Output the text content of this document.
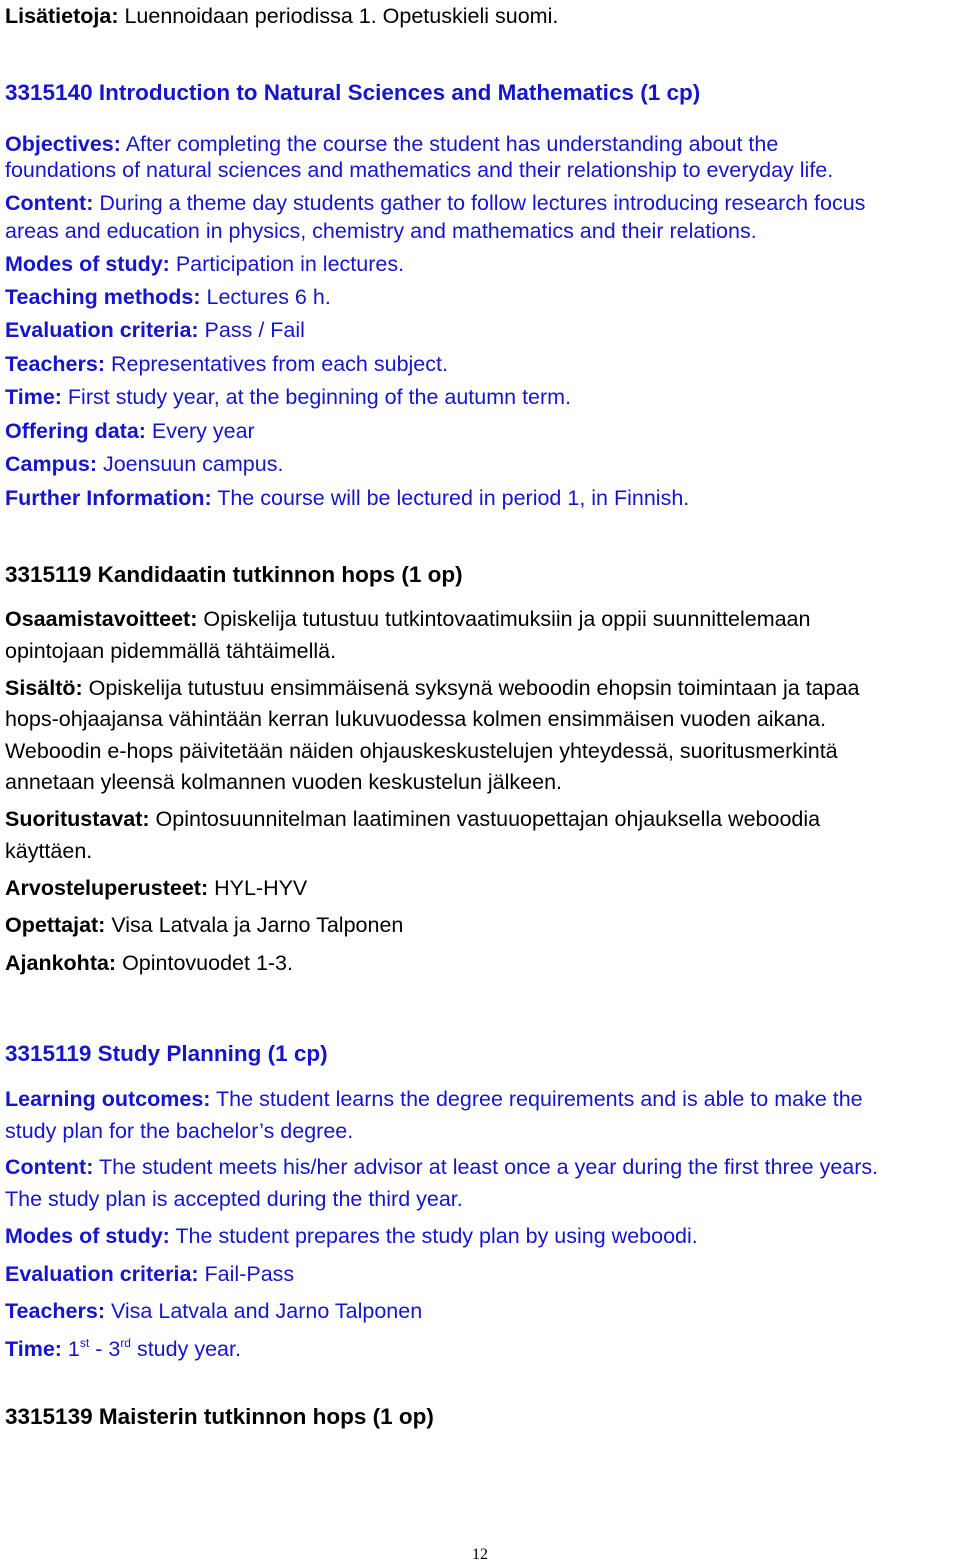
Lisätietoja: Luennoidaan periodissa 1. Opetuskieli suomi.
3315140 Introduction to Natural Sciences and Mathematics (1 cp)
Objectives: After completing the course the student has understanding about the
foundations of natural sciences and mathematics and their relationship to everyday life.
Content: During a theme day students gather to follow lectures introducing research focus
areas and education in physics, chemistry and mathematics and their relations.
Modes of study: Participation in lectures.
Teaching methods: Lectures 6 h.
Evaluation criteria: Pass / Fail
Teachers: Representatives from each subject.
Time: First study year, at the beginning of the autumn term.
Offering data: Every year
Campus: Joensuun campus.
Further Information: The course will be lectured in period 1, in Finnish.
3315119 Kandidaatin tutkinnon hops (1 op)
Osaamistavoitteet: Opiskelija tutustuu tutkintovaatimuksiin ja oppii suunnittelemaan
opintojaan pidemmällä tähtäimellä.
Sisältö: Opiskelija tutustuu ensimmäisenä syksynä weboodin ehopsin toimintaan ja tapaa
hops-ohjaajansa vähintään kerran lukuvuodessa kolmen ensimmäisen vuoden aikana.
Weboodin e-hops päivitetään näiden ohjauskeskustelujen yhteydessä, suoritusmerkintä
annetaan yleensä kolmannen vuoden keskustelun jälkeen.
Suoritustavat: Opintosuunnitelman laatiminen vastuuopettajan ohjauksella weboodia
käyttäen.
Arvosteluperusteet: HYL-HYV
Opettajat: Visa Latvala ja Jarno Talponen
Ajankohta: Opintovuodet 1-3.
3315119 Study Planning (1 cp)
Learning outcomes: The student learns the degree requirements and is able to make the
study plan for the bachelor’s degree.
Content: The student meets his/her advisor at least once a year during the first three years.
The study plan is accepted during the third year.
Modes of study: The student prepares the study plan by using weboodi.
Evaluation criteria: Fail-Pass
Teachers: Visa Latvala and Jarno Talponen
Time: 1st - 3rd study year.
3315139 Maisterin tutkinnon hops (1 op)
12
